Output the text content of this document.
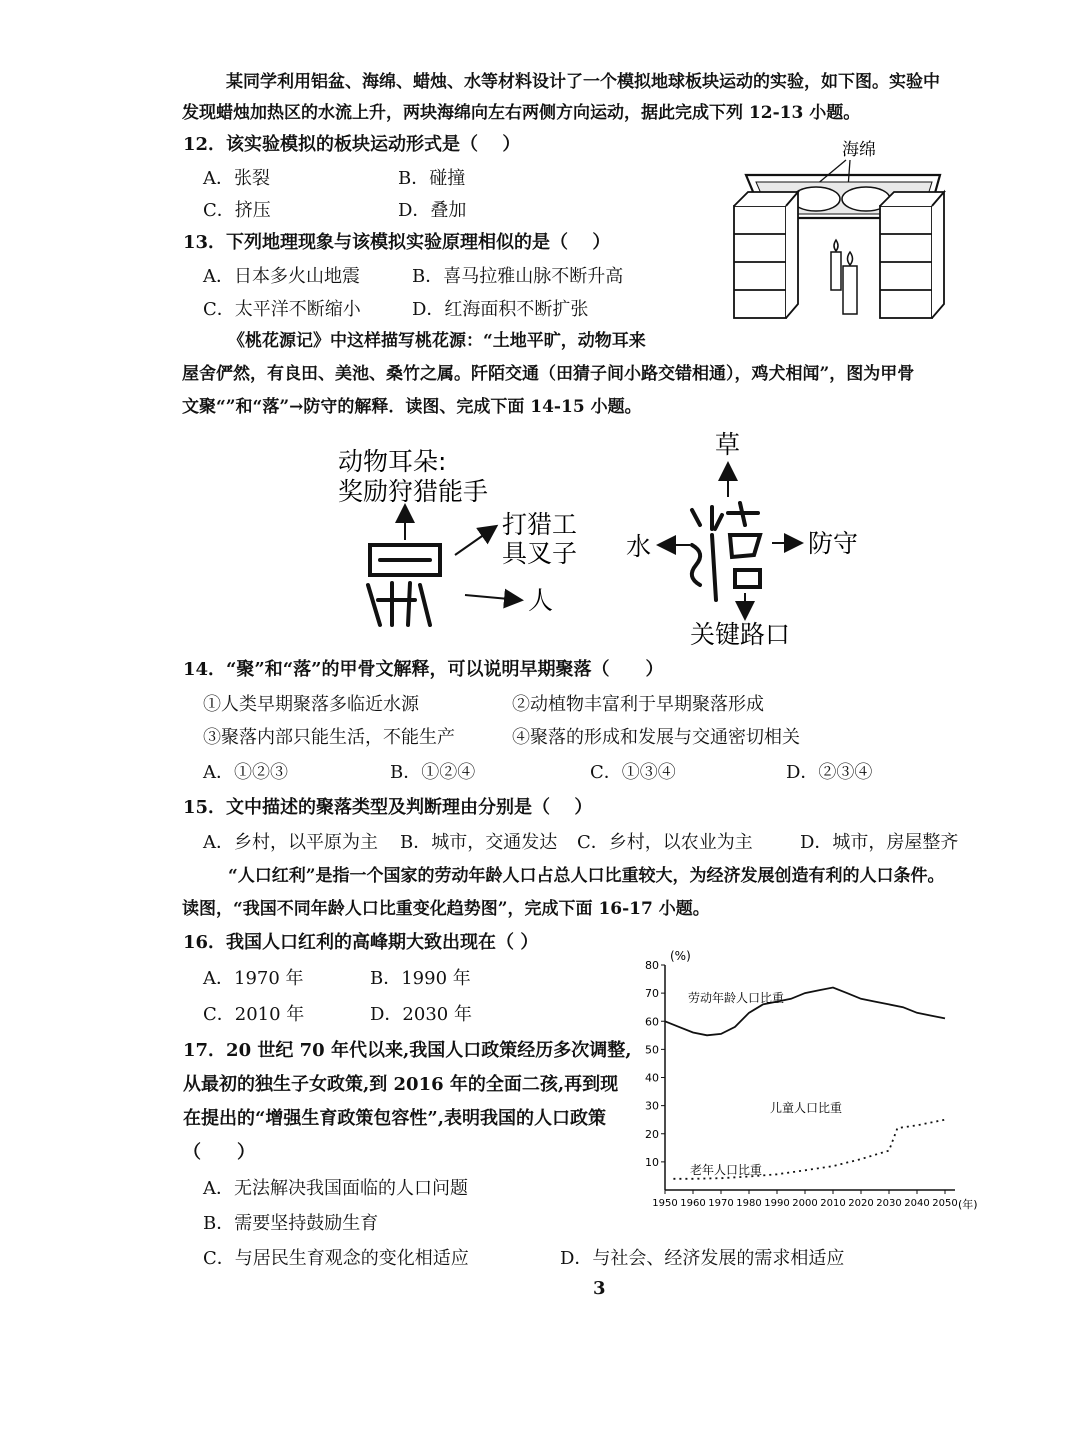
某同学利用铝盆、海绵、蜡烛、水等材料设计了一个模拟地球板块运动的实验，如下图。实验中
发现蜡烛加热区的水流上升，两块海绵向左右两侧方向运动，据此完成下列 12-13 小题。
12．该实验模拟的板块运动形式是（　 ）
A．张裂	B．碰撞
C．挤压	D．叠加
13．下列地理现象与该模拟实验原理相似的是（　 ）
A．日本多火山地震	B．喜马拉雅山脉不断升高
C．太平洋不断缩小	D．红海面积不断扩张
海绵
《桃花源记》中这样描写桃花源：“土地平旷，动物耳来
屋舍俨然，有良田、美池、桑竹之属。阡陌交通（田猜子间小路交错相通），鸡犬相闻”，图为甲骨
文聚“”和“落”→防守的解释．读图、完成下面 14-15 小题。
动物耳朵:
奖励狩猎能手
打猎工
具叉子
人
草
水	防守
关键路口
14．“聚”和“落”的甲骨文解释，可以说明早期聚落（　　）
①人类早期聚落多临近水源	②动植物丰富利于早期聚落形成
③聚落内部只能生活，不能生产	④聚落的形成和发展与交通密切相关
A．①②③	B．①②④	C．①③④	D．②③④
15．文中描述的聚落类型及判断理由分别是（　 ）
A．乡村，以平原为主 B．城市，交通发达 C．乡村，以农业为主	D．城市，房屋整齐
“人口红利”是指一个国家的劳动年龄人口占总人口比重较大，为经济发展创造有利的人口条件。
读图，“我国不同年龄人口比重变化趋势图”，完成下面 16-17 小题。
16．我国人口红利的高峰期大致出现在（ ）
A．1970 年	B．1990 年
C．2010 年	D．2030 年
17．20 世纪 70 年代以来,我国人口政策经历多次调整,
从最初的独生子女政策,到 2016 年的全面二孩,再到现
在提出的“增强生育政策包容性”,表明我国的人口政策
（　　）
A．无法解决我国面临的人口问题
B．需要坚持鼓励生育
C．与居民生育观念的变化相适应	D．与社会、经济发展的需求相适应
10
20
30
40
50
60
70
80
1950 1960 1970 1980 1990 2000 2010 2020 2030 2040 2050
劳动年龄人口比重
儿童人口比重
老年人口比重
(%)
(年)
3
